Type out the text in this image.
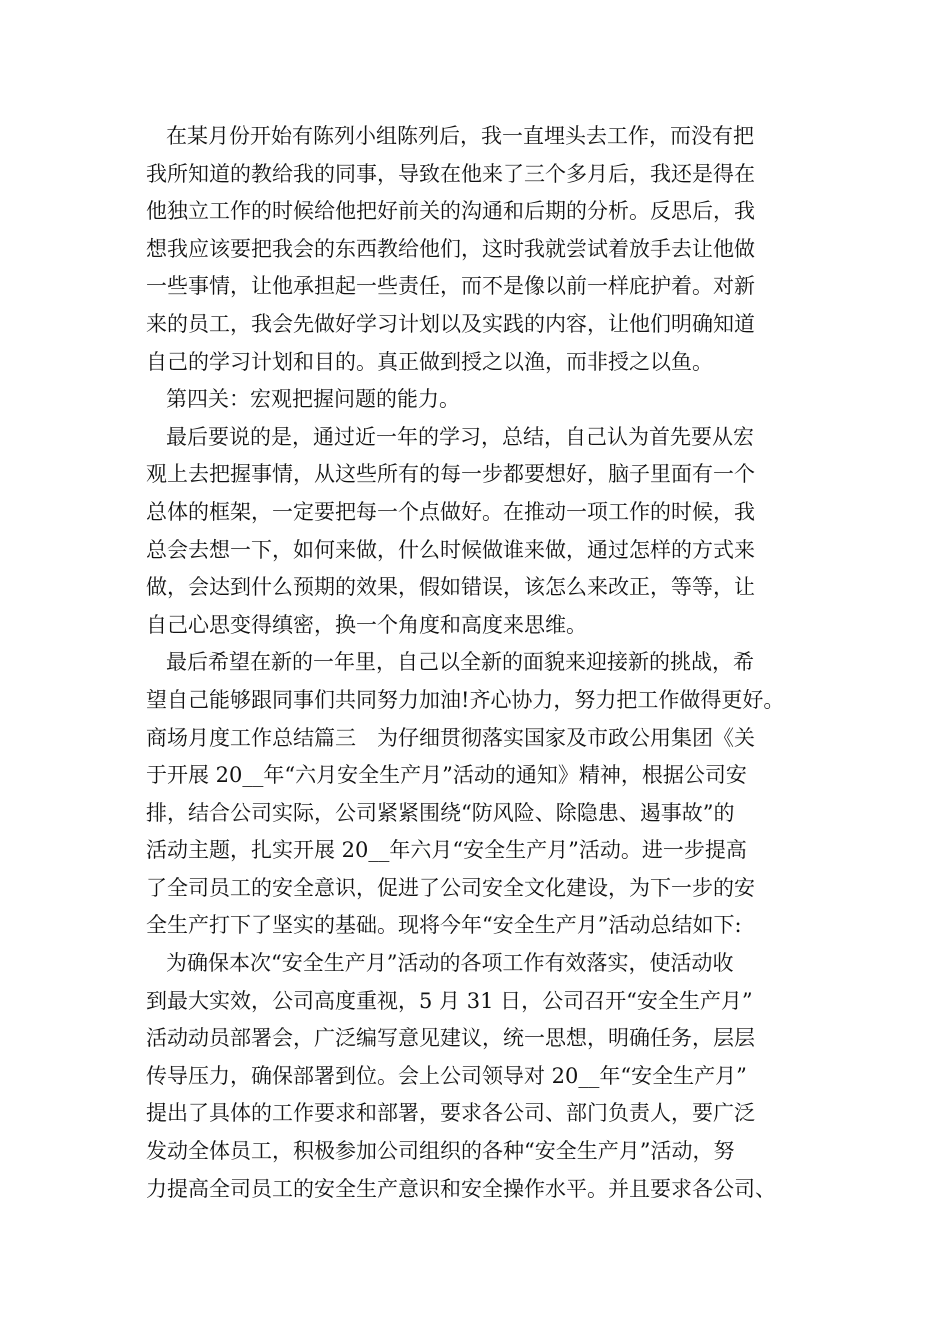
在某月份开始有陈列小组陈列后，我一直埋头去工作，而没有把
我所知道的教给我的同事，导致在他来了三个多月后，我还是得在
他独立工作的时候给他把好前关的沟通和后期的分析。反思后，我
想我应该要把我会的东西教给他们，这时我就尝试着放手去让他做
一些事情，让他承担起一些责任，而不是像以前一样庇护着。对新
来的员工，我会先做好学习计划以及实践的内容，让他们明确知道
自己的学习计划和目的。真正做到授之以渔，而非授之以鱼。
第四关：宏观把握问题的能力。
最后要说的是，通过近一年的学习，总结，自己认为首先要从宏
观上去把握事情，从这些所有的每一步都要想好，脑子里面有一个
总体的框架，一定要把每一个点做好。在推动一项工作的时候，我
总会去想一下，如何来做，什么时候做谁来做，通过怎样的方式来
做，会达到什么预期的效果，假如错误，该怎么来改正，等等，让
自己心思变得缜密，换一个角度和高度来思维。
最后希望在新的一年里，自己以全新的面貌来迎接新的挑战，希
望自己能够跟同事们共同努力加油!齐心协力，努力把工作做得更好。
商场月度工作总结篇三　为仔细贯彻落实国家及市政公用集团《关
于开展 20__年“六月安全生产月”活动的通知》精神，根据公司安
排，结合公司实际，公司紧紧围绕“防风险、除隐患、遏事故”的
活动主题，扎实开展 20__年六月“安全生产月”活动。进一步提高
了全司员工的安全意识，促进了公司安全文化建设，为下一步的安
全生产打下了坚实的基础。现将今年“安全生产月”活动总结如下:
为确保本次“安全生产月”活动的各项工作有效落实，使活动收
到最大实效，公司高度重视，5 月 31 日，公司召开“安全生产月”
活动动员部署会，广泛编写意见建议，统一思想，明确任务，层层
传导压力，确保部署到位。会上公司领导对 20__年“安全生产月”
提出了具体的工作要求和部署，要求各公司、部门负责人，要广泛
发动全体员工，积极参加公司组织的各种“安全生产月”活动，努
力提高全司员工的安全生产意识和安全操作水平。并且要求各公司、
